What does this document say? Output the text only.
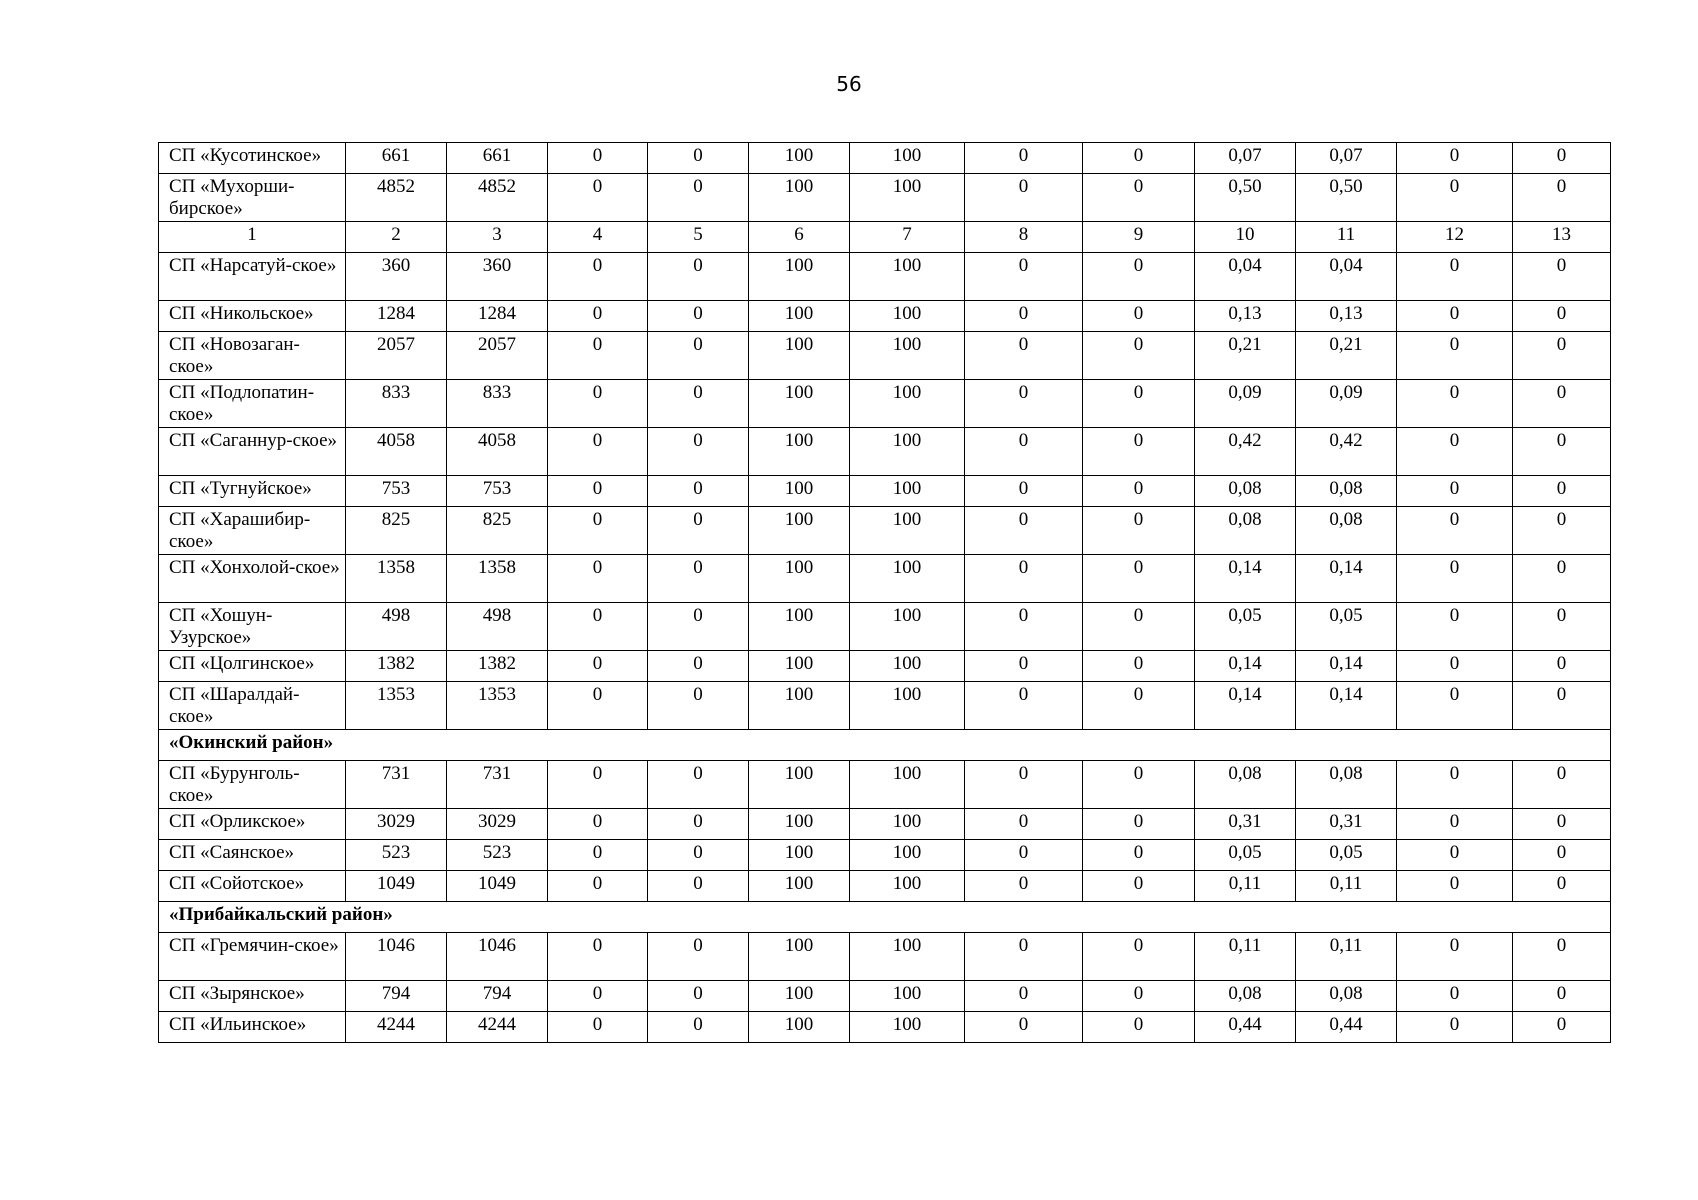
56
СП «Кусотинское»	661	661	0	0	100	100	0	0	0,07	0,07	0	0
СП «Мухорши-бирское»	4852	4852	0	0	100	100	0	0	0,50	0,50	0	0
1	2	3	4	5	6	7	8	9	10	11	12	13
СП «Нарсатуй-ское»	360	360	0	0	100	100	0	0	0,04	0,04	0	0
СП «Никольское»	1284	1284	0	0	100	100	0	0	0,13	0,13	0	0
СП «Новозаган-ское»	2057	2057	0	0	100	100	0	0	0,21	0,21	0	0
СП «Подлопатин-ское»	833	833	0	0	100	100	0	0	0,09	0,09	0	0
СП «Саганнур-ское»	4058	4058	0	0	100	100	0	0	0,42	0,42	0	0
СП «Тугнуйское»	753	753	0	0	100	100	0	0	0,08	0,08	0	0
СП «Харашибир-ское»	825	825	0	0	100	100	0	0	0,08	0,08	0	0
СП «Хонхолой-ское»	1358	1358	0	0	100	100	0	0	0,14	0,14	0	0
СП «Хошун-Узурское»	498	498	0	0	100	100	0	0	0,05	0,05	0	0
СП «Цолгинское»	1382	1382	0	0	100	100	0	0	0,14	0,14	0	0
СП «Шаралдай-ское»	1353	1353	0	0	100	100	0	0	0,14	0,14	0	0
«Окинский район»												
СП «Бурунголь-ское»	731	731	0	0	100	100	0	0	0,08	0,08	0	0
СП «Орликское»	3029	3029	0	0	100	100	0	0	0,31	0,31	0	0
СП «Саянское»	523	523	0	0	100	100	0	0	0,05	0,05	0	0
СП «Сойотское»	1049	1049	0	0	100	100	0	0	0,11	0,11	0	0
«Прибайкальский район»												
СП «Гремячин-ское»	1046	1046	0	0	100	100	0	0	0,11	0,11	0	0
СП «Зырянское»	794	794	0	0	100	100	0	0	0,08	0,08	0	0
СП «Ильинское»	4244	4244	0	0	100	100	0	0	0,44	0,44	0	0
